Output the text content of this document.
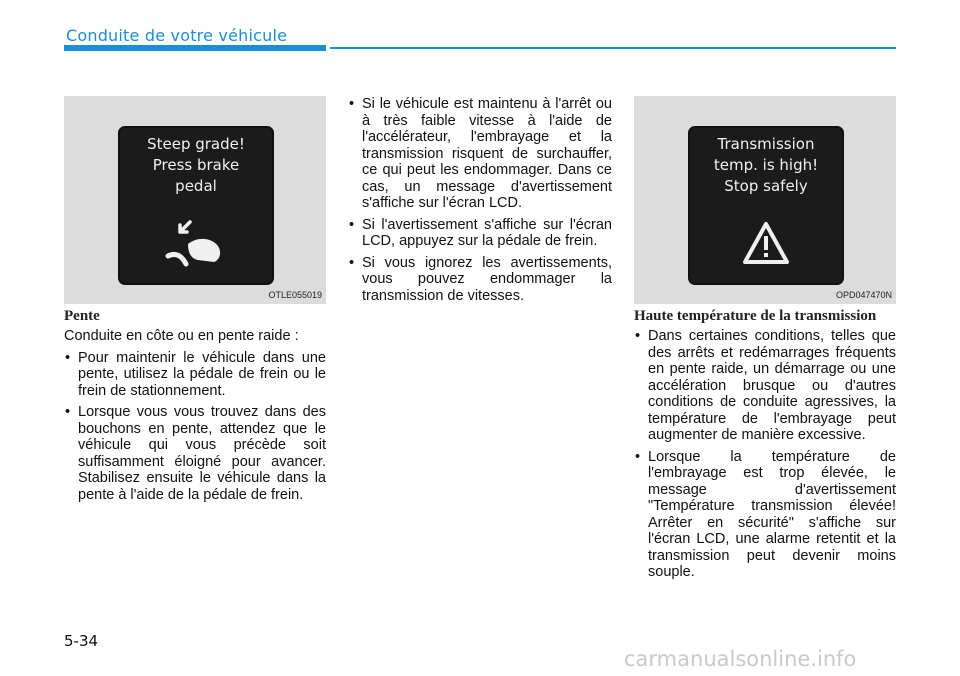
Conduite de votre véhicule
Steep grade!
Press brake
pedal
OTLE055019
Transmission
temp. is high!
Stop safely
OPD047470N
Pente

Conduite en côte ou en pente raide :

• Pour maintenir le véhicule dans une pente, utilisez la pédale de frein ou le frein de stationnement.
• Lorsque vous vous trouvez dans des bouchons en pente, attendez que le véhicule qui vous précède soit suffisamment éloigné pour avancer. Stabilisez ensuite le véhicule dans la pente à l'aide de la pédale de frein.
• Si le véhicule est maintenu à l'arrêt ou à très faible vitesse à l'aide de l'accélérateur, l'embrayage et la transmission risquent de surchauffer, ce qui peut les endommager. Dans ce cas, un message d'avertissement s'affiche sur l'écran LCD.
• Si l'avertissement s'affiche sur l'écran LCD, appuyez sur la pédale de frein.
• Si vous ignorez les avertissements, vous pouvez endommager la transmission de vitesses.
Haute température de la transmission
• Dans certaines conditions, telles que des arrêts et redémarrages fréquents en pente raide, un démarrage ou une accélération brusque ou d'autres conditions de conduite agressives, la température de l'embrayage peut augmenter de manière excessive.
• Lorsque la température de l'embrayage est trop élevée, le message d'avertissement "Température transmission élevée! Arrêter en sécurité" s'affiche sur l'écran LCD, une alarme retentit et la transmission peut devenir moins souple.
5-34
carmanualsonline.info
